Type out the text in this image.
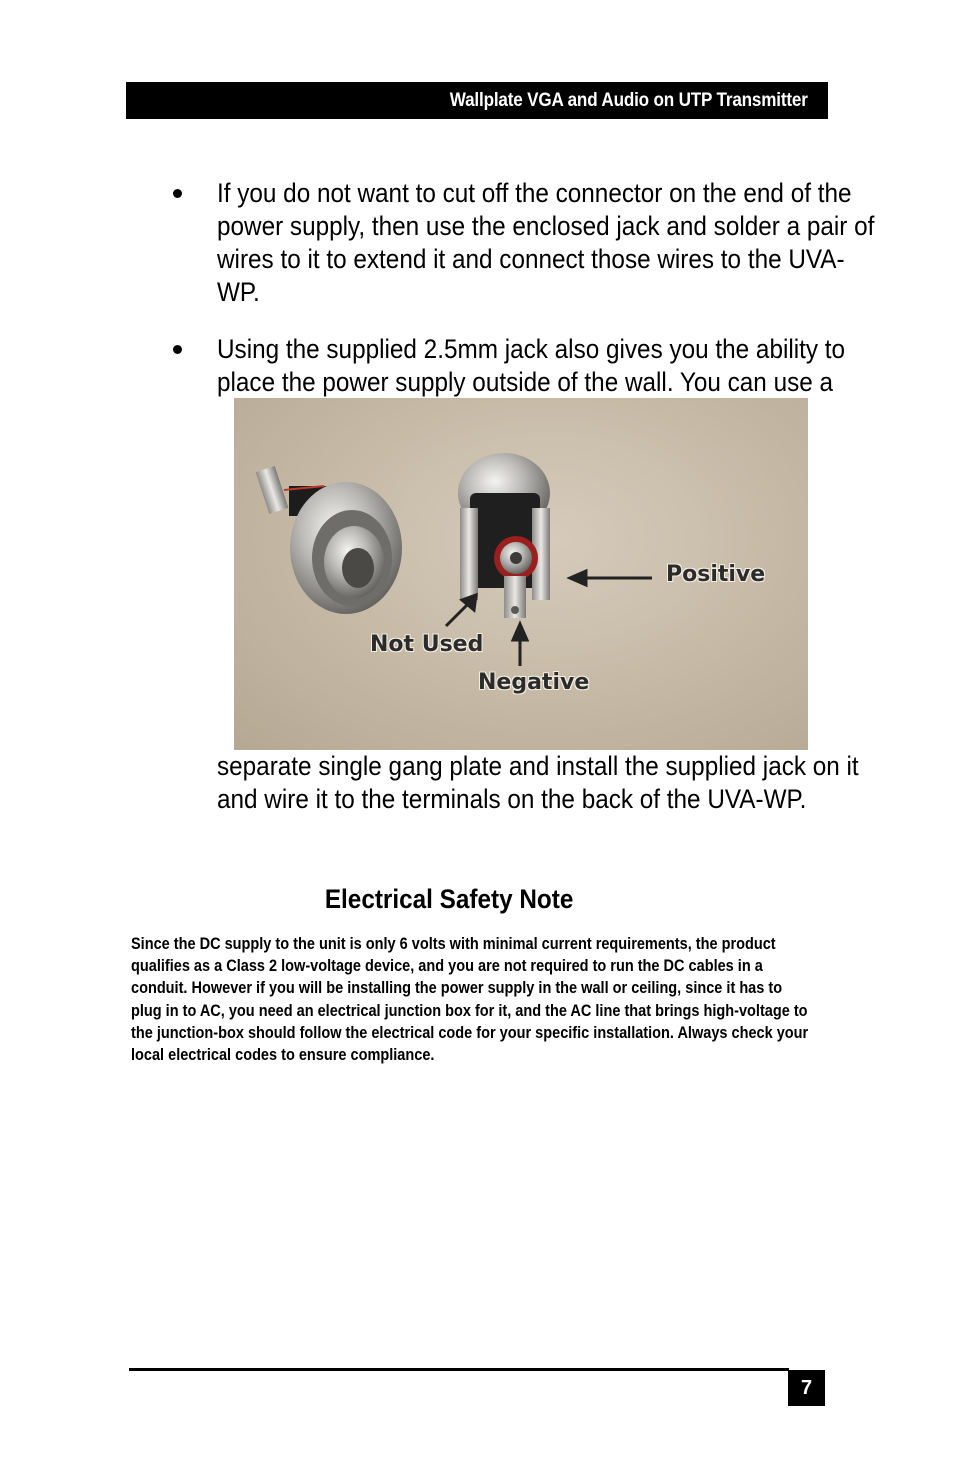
Wallplate VGA and Audio on UTP Transmitter
If you do not want to cut off the connector on the end of the
power supply, then use the enclosed jack and solder a pair of
wires to it to extend it and connect those wires to the UVA-
WP.
Using the supplied 2.5mm jack also gives you the ability to
place the power supply outside of the wall. You can use a
Positive
Not Used
Negative
separate single gang plate and install the supplied jack on it
and wire it to the terminals on the back of the UVA-WP.
Electrical Safety Note
Since the DC supply to the unit is only 6 volts with minimal current requirements, the product
qualifies as a Class 2 low-voltage device, and you are not required to run the DC cables in a
conduit. However if you will be installing the power supply in the wall or ceiling, since it has to
plug in to AC, you need an electrical junction box for it, and the AC line that brings high-voltage to
the junction-box should follow the electrical code for your specific installation. Always check your
local electrical codes to ensure compliance.
7
